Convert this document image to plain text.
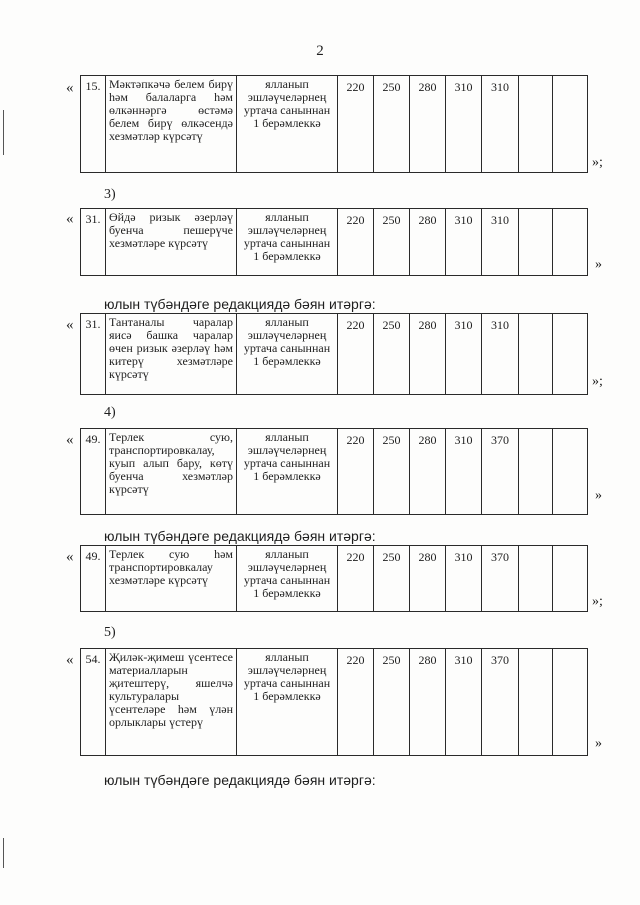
2
« 15.	Мәктәпкәчә белем бирү һәм балаларга һәм өлкәннәргә өстәмә белем бирү өлкәсендә хезмәтләр күрсәтү	ялланып эшләүчеләрнең уртача саныннан 1 берәмлеккә	220	250	280	310	310		
»;
3)
« 31.	Өйдә ризык әзерләү буенча пешерүче хезмәтләре күрсәтү	ялланып эшләүчеләрнең уртача саныннан 1 берәмлеккә	220	250	280	310	310		
»
юлын түбәндәге редакциядә бәян итәргә:
« 31.	Тантаналы чаралар яисә башка чаралар өчен ризык әзерләү һәм китерү хезмәтләре күрсәтү	ялланып эшләүчеләрнең уртача саныннан 1 берәмлеккә	220	250	280	310	310		
»;
4)
« 49.	Терлек сую, транспортировкалау, куып алып бару, көтү буенча хезмәтләр күрсәтү	ялланып эшләүчеләрнең уртача саныннан 1 берәмлеккә	220	250	280	310	370		
»
юлын түбәндәге редакциядә бәян итәргә:
« 49.	Терлек сую һәм транспортировкалау хезмәтләре күрсәтү	ялланып эшләүчеләрнең уртача саныннан 1 берәмлеккә	220	250	280	310	370		
»;
5)
« 54.	Җиләк-җимеш үсентесе материалларын җитештерү, яшелчә культуралары үсентеләре һәм үлән орлыклары үстерү	ялланып эшләүчеләрнең уртача саныннан 1 берәмлеккә	220	250	280	310	370		
»
юлын түбәндәге редакциядә бәян итәргә:
